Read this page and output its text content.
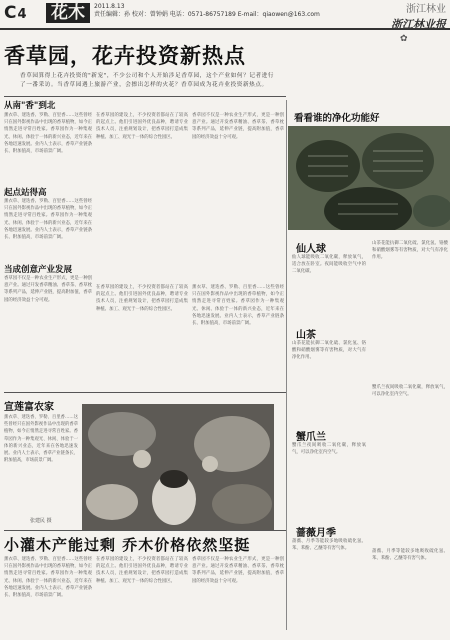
C4 花木	2011.8.13
责任编辑：孙 校对：曾钟娟 电话：0571-86757189 E-mail：qiaowen@163.com	浙江林业
浙江林业报
香草园，花卉投资新热点
香草园算得上花卉投资的"新宠"，不少公司和个人开始涉足香草园，这个产业如何？记者进行了一番采访。当香草园遇上旅游产业，会擦出怎样的火花？香草园成为花卉业投资新热点。
从南"香"到北
薰衣草、迷迭香、罗勒、百里香……这些曾经只在国外影视作品中出现的香草植物，如今正悄然走进寻常百姓家。香草园作为一种集观光、休闲、体验于一体的新兴业态，近年来在各地迅速发展。业内人士表示，香草产业链条长、附加值高，市场前景广阔。
在香草园的建设上，不少投资者都站在了较高的起点上。他们引进国外优良品种，聘请专业技术人员，注重规划设计，把香草园打造成集种植、加工、观光于一体的综合性园区。
香草园不仅是一种农业生产形式，更是一种创意产业。通过开发香草精油、香草茶、香草枕等系列产品，延伸产业链，提高附加值，香草园的经济效益十分可观。
起点站得高
薰衣草、迷迭香、罗勒、百里香……这些曾经只在国外影视作品中出现的香草植物，如今正悄然走进寻常百姓家。香草园作为一种集观光、休闲、体验于一体的新兴业态，近年来在各地迅速发展。业内人士表示，香草产业链条长、附加值高，市场前景广阔。
当成创意产业发展
香草园不仅是一种农业生产形式，更是一种创意产业。通过开发香草精油、香草茶、香草枕等系列产品，延伸产业链，提高附加值，香草园的经济效益十分可观。
在香草园的建设上，不少投资者都站在了较高的起点上。他们引进国外优良品种，聘请专业技术人员，注重规划设计，把香草园打造成集种植、加工、观光于一体的综合性园区。
薰衣草、迷迭香、罗勒、百里香……这些曾经只在国外影视作品中出现的香草植物，如今正悄然走进寻常百姓家。香草园作为一种集观光、休闲、体验于一体的新兴业态，近年来在各地迅速发展。业内人士表示，香草产业链条长、附加值高，市场前景广阔。
宣莲富农家
薰衣草、迷迭香、罗勒、百里香……这些曾经只在国外影视作品中出现的香草植物，如今正悄然走进寻常百姓家。香草园作为一种集观光、休闲、体验于一体的新兴业态，近年来在各地迅速发展。业内人士表示，香草产业链条长、附加值高，市场前景广阔。
张建民 摄
✿
看看谁的净化功能好
仙人球
仙人球能吸收二氧化碳，释放氧气，适合放在卧室。夜间能吸收空气中的二氧化碳。
山茶花能抗御二氧化硫、氯化氢、铬酸和硝酸烟雾等有害物质，对大气有净化作用。
山茶
山茶花能抗御二氧化硫、氯化氢、铬酸和硝酸烟雾等有害物质，对大气有净化作用。
蟹爪兰
蟹爪兰夜间吸收二氧化碳，释放氧气，可以净化室内空气。
蟹爪兰夜间吸收二氧化碳，释放氧气，可以净化室内空气。
蔷薇月季
蔷薇、月季等能较多地吸收硫化氢、苯、苯酚、乙醚等有害气体。
蔷薇、月季等能较多地吸收硫化氢、苯、苯酚、乙醚等有害气体。
小灌木产能过剩 乔木价格依然坚挺
薰衣草、迷迭香、罗勒、百里香……这些曾经只在国外影视作品中出现的香草植物，如今正悄然走进寻常百姓家。香草园作为一种集观光、休闲、体验于一体的新兴业态，近年来在各地迅速发展。业内人士表示，香草产业链条长、附加值高，市场前景广阔。
在香草园的建设上，不少投资者都站在了较高的起点上。他们引进国外优良品种，聘请专业技术人员，注重规划设计，把香草园打造成集种植、加工、观光于一体的综合性园区。
香草园不仅是一种农业生产形式，更是一种创意产业。通过开发香草精油、香草茶、香草枕等系列产品，延伸产业链，提高附加值，香草园的经济效益十分可观。
